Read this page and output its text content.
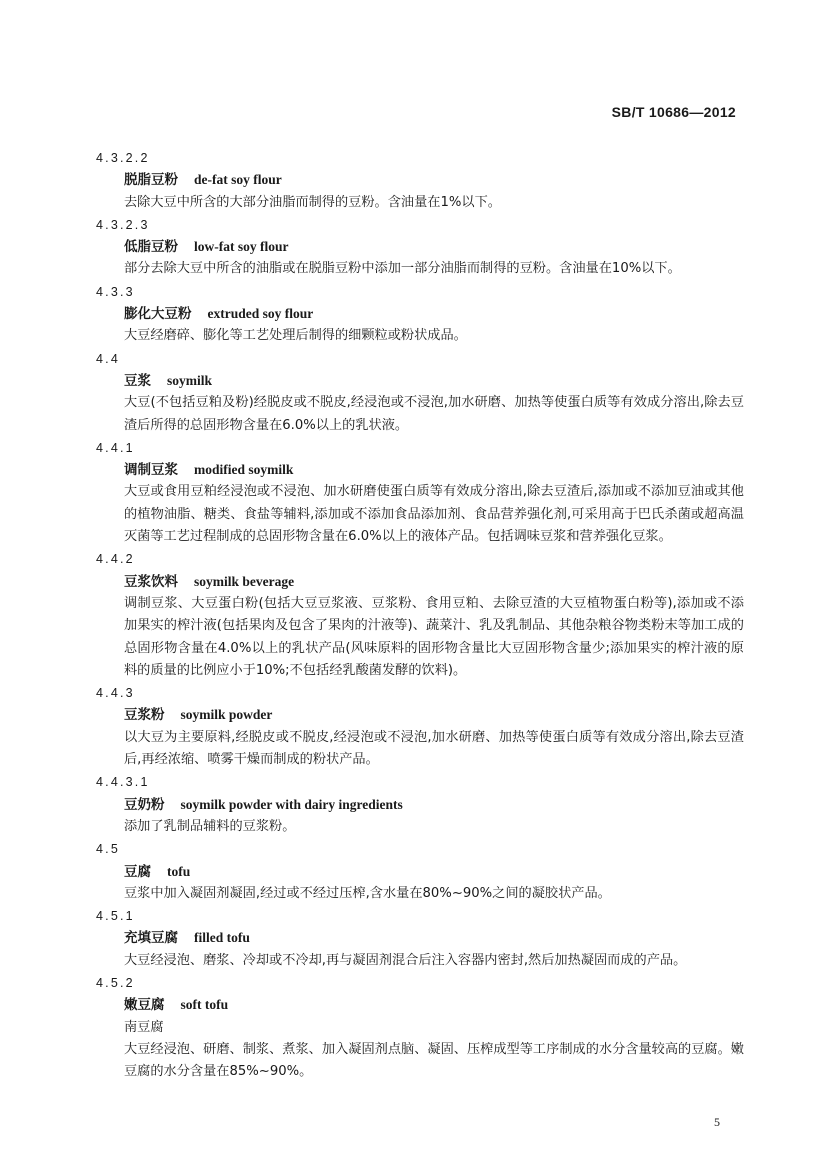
SB/T 10686—2012

4.3.2.2

脱脂豆粉 de-fat soy flour

去除大豆中所含的大部分油脂而制得的豆粉。含油量在1%以下。

4.3.2.3

低脂豆粉 low-fat soy flour

部分去除大豆中所含的油脂或在脱脂豆粉中添加一部分油脂而制得的豆粉。含油量在10%以下。

4.3.3

膨化大豆粉 extruded soy flour

大豆经磨碎、膨化等工艺处理后制得的细颗粒或粉状成品。

4.4

豆浆 soymilk

大豆(不包括豆粕及粉)经脱皮或不脱皮,经浸泡或不浸泡,加水研磨、加热等使蛋白质等有效成分溶出,除去豆渣后所得的总固形物含量在6.0%以上的乳状液。

4.4.1

调制豆浆 modified soymilk

大豆或食用豆粕经浸泡或不浸泡、加水研磨使蛋白质等有效成分溶出,除去豆渣后,添加或不添加豆油或其他的植物油脂、糖类、食盐等辅料,添加或不添加食品添加剂、食品营养强化剂,可采用高于巴氏杀菌或超高温灭菌等工艺过程制成的总固形物含量在6.0%以上的液体产品。包括调味豆浆和营养强化豆浆。

4.4.2

豆浆饮料 soymilk beverage

调制豆浆、大豆蛋白粉(包括大豆豆浆液、豆浆粉、食用豆粕、去除豆渣的大豆植物蛋白粉等),添加或不添加果实的榨汁液(包括果肉及包含了果肉的汁液等)、蔬菜汁、乳及乳制品、其他杂粮谷物类粉末等加工成的总固形物含量在4.0%以上的乳状产品(风味原料的固形物含量比大豆固形物含量少;添加果实的榨汁液的原料的质量的比例应小于10%;不包括经乳酸菌发酵的饮料)。

4.4.3

豆浆粉 soymilk powder

以大豆为主要原料,经脱皮或不脱皮,经浸泡或不浸泡,加水研磨、加热等使蛋白质等有效成分溶出,除去豆渣后,再经浓缩、喷雾干燥而制成的粉状产品。

4.4.3.1

豆奶粉 soymilk powder with dairy ingredients

添加了乳制品辅料的豆浆粉。

4.5

豆腐 tofu

豆浆中加入凝固剂凝固,经过或不经过压榨,含水量在80%~90%之间的凝胶状产品。

4.5.1

充填豆腐 filled tofu

大豆经浸泡、磨浆、冷却或不冷却,再与凝固剂混合后注入容器内密封,然后加热凝固而成的产品。

4.5.2

嫩豆腐 soft tofu

南豆腐

大豆经浸泡、研磨、制浆、煮浆、加入凝固剂点脑、凝固、压榨成型等工序制成的水分含量较高的豆腐。嫩豆腐的水分含量在85%~90%。

5
